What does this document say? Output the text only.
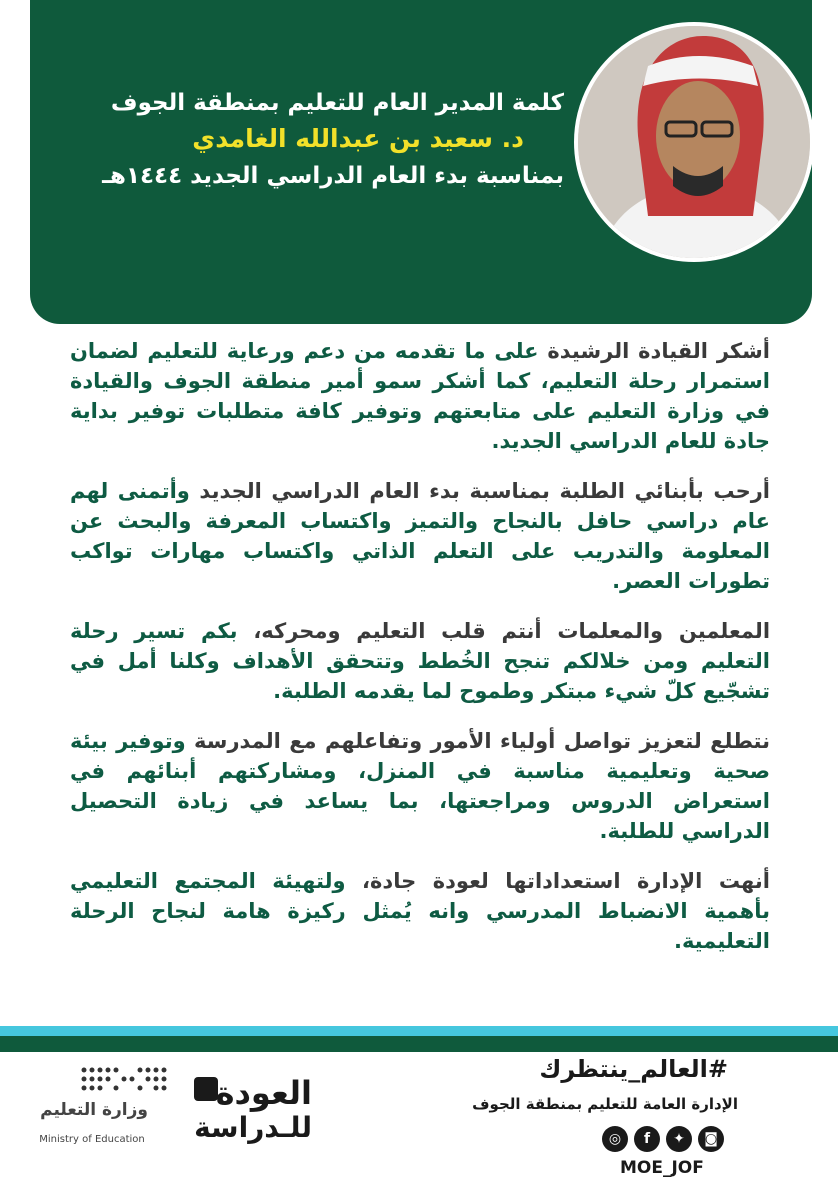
كلمة المدير العام للتعليم بمنطقة الجوف
د. سعيد بن عبدالله الغامدي
بمناسبة بدء العام الدراسي الجديد ١٤٤٤هـ

أشكر القيادة الرشيدة على ما تقدمه من دعم ورعاية للتعليم لضمان استمرار رحلة التعليم، كما أشكر سمو أمير منطقة الجوف والقيادة في وزارة التعليم على متابعتهم وتوفير كافة متطلبات توفير بداية جادة للعام الدراسي الجديد.

أرحب بأبنائي الطلبة بمناسبة بدء العام الدراسي الجديد وأتمنى لهم عام دراسي حافل بالنجاح والتميز واكتساب المعرفة والبحث عن المعلومة والتدريب على التعلم الذاتي واكتساب مهارات تواكب تطورات العصر.

المعلمين والمعلمات أنتم قلب التعليم ومحركه، بكم تسير رحلة التعليم ومن خلالكم تنجح الخُطط وتتحقق الأهداف وكلنا أمل في تشجّيع كلّ شيء مبتكر وطموح لما يقدمه الطلبة.

نتطلع لتعزيز تواصل أولياء الأمور وتفاعلهم مع المدرسة وتوفير بيئة صحية وتعليمية مناسبة في المنزل، ومشاركتهم أبنائهم في استعراض الدروس ومراجعتها، بما يساعد في زيادة التحصيل الدراسي للطلبة.

أنهت الإدارة استعداداتها لعودة جادة، ولتهيئة المجتمع التعليمي بأهمية الانضباط المدرسي وانه يُمثل ركيزة هامة لنجاح الرحلة التعليمية.

#العالم_ينتظرك
الإدارة العامة للتعليم بمنطقة الجوف
◎	f	✦	◙
MOE_JOF
العودة
للـدراسة
وزارة التعليم
Ministry of Education
